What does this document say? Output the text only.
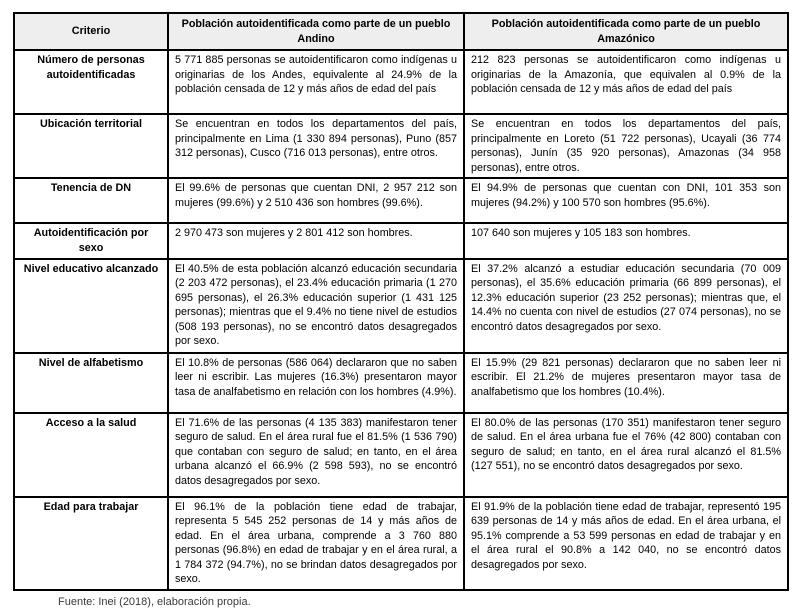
Criterio	Población autoidentificada como parte de un pueblo Andino	Población autoidentificada como parte de un pueblo Amazónico
Número de personas autoidentificadas	5 771 885 personas se autoidentificaron como indígenas u originarias de los Andes, equivalente al 24.9% de la población censada de 12 y más años de edad del país	212 823 personas se autoidentificaron como indígenas u originarias de la Amazonía, que equivalen al 0.9% de la población censada de 12 y más años de edad del país
Ubicación territorial	Se encuentran en todos los departamentos del país, principalmente en Lima (1 330 894 personas), Puno (857 312 personas), Cusco (716 013 personas), entre otros.	Se encuentran en todos los departamentos del país, principalmente en Loreto (51 722 personas), Ucayali (36 774 personas), Junín (35 920 personas), Amazonas (34 958 personas), entre otros.
Tenencia de DN	El 99.6% de personas que cuentan DNI, 2 957 212 son mujeres (99.6%) y 2 510 436 son hombres (99.6%).	El 94.9% de personas que cuentan con DNI, 101 353 son mujeres (94.2%) y 100 570 son hombres (95.6%).
Autoidentificación por sexo	2 970 473 son mujeres y 2 801 412 son hombres.	107 640 son mujeres y 105 183 son hombres.
Nivel educativo alcanzado	El 40.5% de esta población alcanzó educación secundaria (2 203 472 personas), el 23.4% educación primaria (1 270 695 personas), el 26.3% educación superior (1 431 125 personas); mientras que el 9.4% no tiene nivel de estudios (508 193 personas), no se encontró datos desagregados por sexo.	El 37.2% alcanzó a estudiar educación secundaria (70 009 personas), el 35.6% educación primaria (66 899 personas), el 12.3% educación superior (23 252 personas); mientras que, el 14.4% no cuenta con nivel de estudios (27 074 personas), no se encontró datos desagregados por sexo.
Nivel de alfabetismo	El 10.8% de personas (586 064) declararon que no saben leer ni escribir. Las mujeres (16.3%) presentaron mayor tasa de analfabetismo en relación con los hombres (4.9%).	El 15.9% (29 821 personas) declararon que no saben leer ni escribir. El 21.2% de mujeres presentaron mayor tasa de analfabetismo que los hombres (10.4%).
Acceso a la salud	El 71.6% de las personas (4 135 383) manifestaron tener seguro de salud. En el área rural fue el 81.5% (1 536 790) que contaban con seguro de salud; en tanto, en el área urbana alcanzó el 66.9% (2 598 593), no se encontró datos desagregados por sexo.	El 80.0% de las personas (170 351) manifestaron tener seguro de salud. En el área urbana fue el 76% (42 800) contaban con seguro de salud; en tanto, en el área rural alcanzó el 81.5% (127 551), no se encontró datos desagregados por sexo.
Edad para trabajar	El 96.1% de la población tiene edad de trabajar, representa 5 545 252 personas de 14 y más años de edad. En el área urbana, comprende a 3 760 880 personas (96.8%) en edad de trabajar y en el área rural, a 1 784 372 (94.7%), no se brindan datos desagregados por sexo.	El 91.9% de la población tiene edad de trabajar, representó 195 639 personas de 14 y más años de edad. En el área urbana, el 95.1% comprende a 53 599 personas en edad de trabajar y en el área rural el 90.8% a 142 040, no se encontró datos desagregados por sexo.
Fuente: Inei (2018), elaboración propia.
